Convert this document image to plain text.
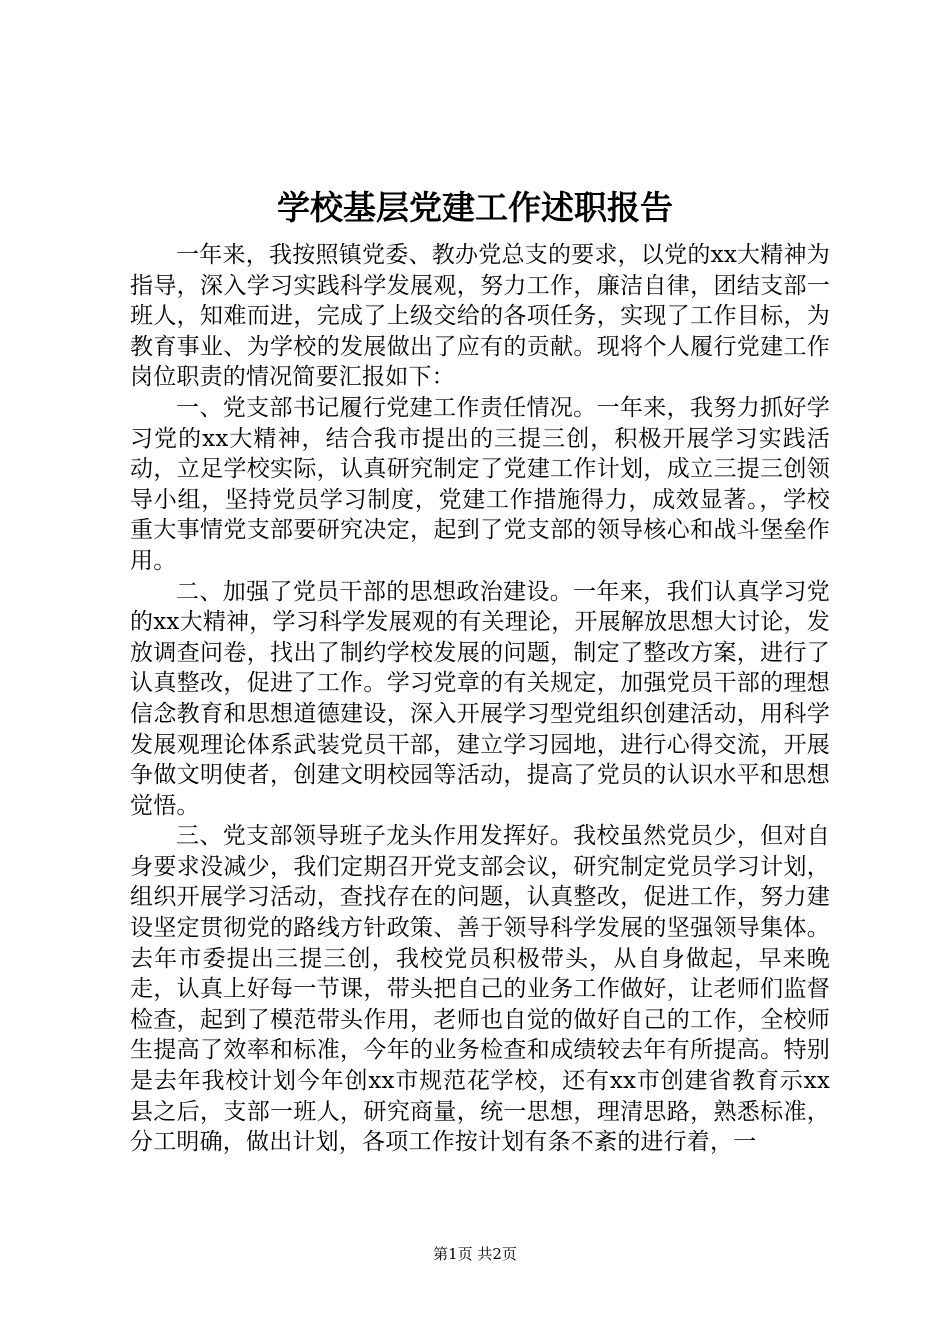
学校基层党建工作述职报告

一年来，我按照镇党委、教办党总支的要求，以党的xx大精神为指导，深入学习实践科学发展观，努力工作，廉洁自律，团结支部一班人，知难而进，完成了上级交给的各项任务，实现了工作目标，为教育事业、为学校的发展做出了应有的贡献。现将个人履行党建工作岗位职责的情况简要汇报如下：

一、党支部书记履行党建工作责任情况。一年来，我努力抓好学习党的xx大精神，结合我市提出的三提三创，积极开展学习实践活动，立足学校实际，认真研究制定了党建工作计划，成立三提三创领导小组，坚持党员学习制度，党建工作措施得力，成效显著。，学校重大事情党支部要研究决定，起到了党支部的领导核心和战斗堡垒作用。

二、加强了党员干部的思想政治建设。一年来，我们认真学习党的xx大精神，学习科学发展观的有关理论，开展解放思想大讨论，发放调查问卷，找出了制约学校发展的问题，制定了整改方案，进行了认真整改，促进了工作。学习党章的有关规定，加强党员干部的理想信念教育和思想道德建设，深入开展学习型党组织创建活动，用科学发展观理论体系武装党员干部，建立学习园地，进行心得交流，开展争做文明使者，创建文明校园等活动，提高了党员的认识水平和思想觉悟。

三、党支部领导班子龙头作用发挥好。我校虽然党员少，但对自身要求没减少，我们定期召开党支部会议，研究制定党员学习计划，组织开展学习活动，查找存在的问题，认真整改，促进工作，努力建设坚定贯彻党的路线方针政策、善于领导科学发展的坚强领导集体。去年市委提出三提三创，我校党员积极带头，从自身做起，早来晚走，认真上好每一节课，带头把自己的业务工作做好，让老师们监督检查，起到了模范带头作用，老师也自觉的做好自己的工作，全校师生提高了效率和标准，今年的业务检查和成绩较去年有所提高。特别是去年我校计划今年创xx市规范花学校，还有xx市创建省教育示xx县之后，支部一班人，研究商量，统一思想，理清思路，熟悉标准，分工明确，做出计划，各项工作按计划有条不紊的进行着，一

第1页 共2页
